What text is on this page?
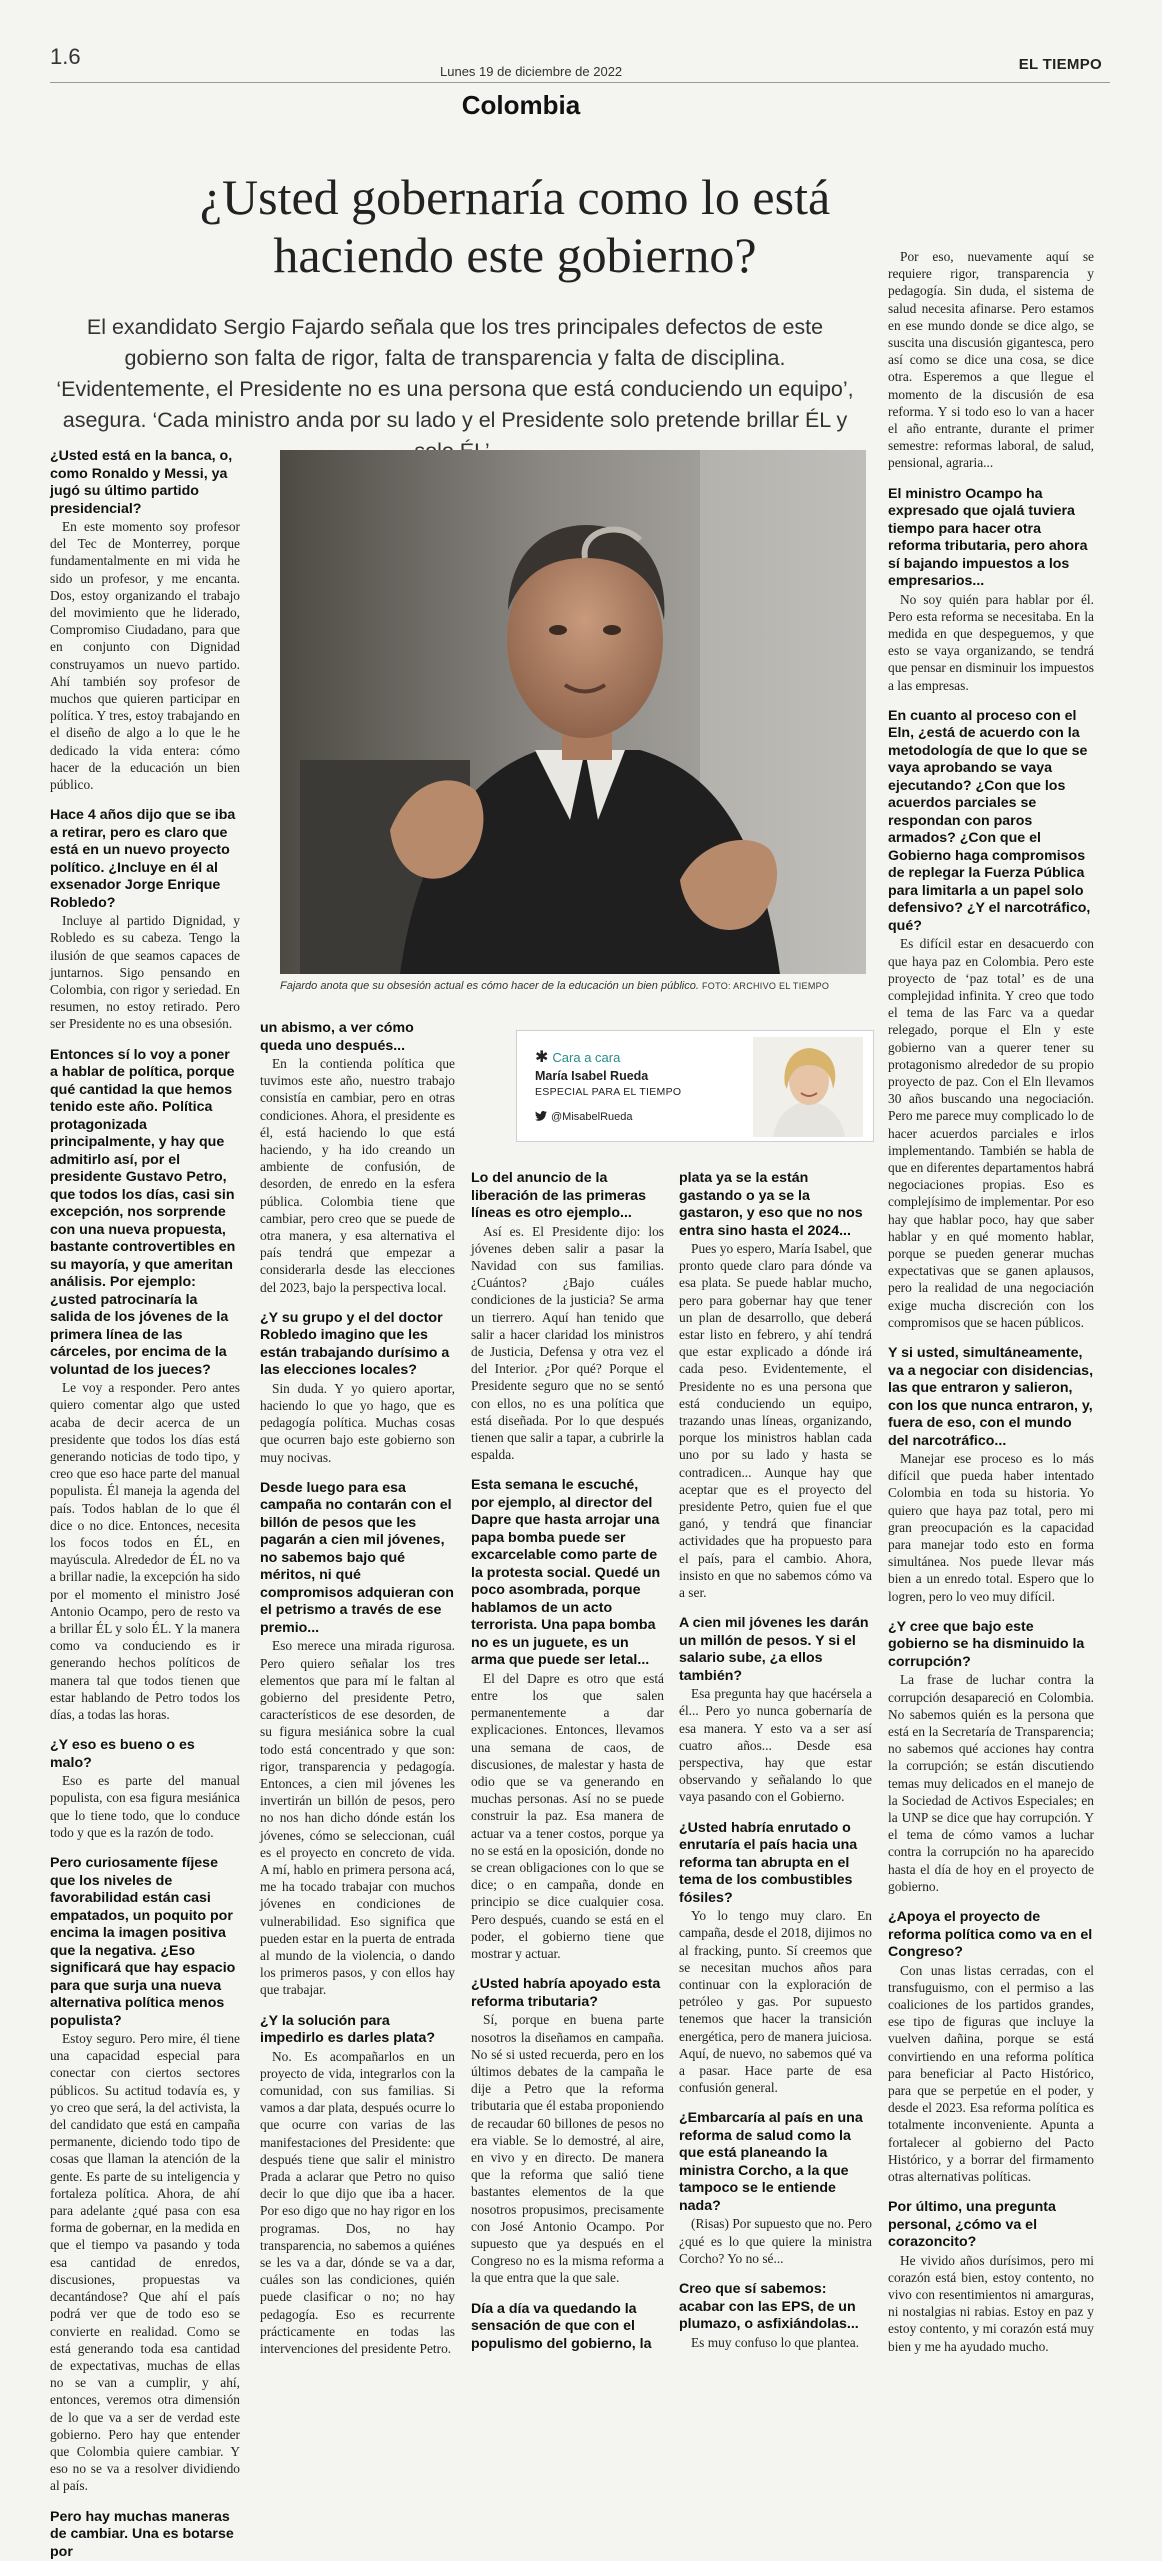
1.6
Lunes 19 de diciembre de 2022	EL TIEMPO
Colombia
¿Usted gobernaría como lo está haciendo este gobierno?
El exandidato Sergio Fajardo señala que los tres principales defectos de este gobierno son falta de rigor, falta de transparencia y falta de disciplina. ‘Evidentemente, el Presidente no es una persona que está conduciendo un equipo’, asegura. ‘Cada ministro anda por su lado y el Presidente solo pretende brillar ÉL y

¿Usted está en la banca, o, como Ronaldo y Messi, ya jugó su último partido presidencial?

En este momento soy profesor del Tec de Monterrey, porque fundamentalmente en mi vida he sido un profesor, y me encanta. Dos, estoy organizando el trabajo del movimiento que he liderado, Compromiso Ciudadano, para que en conjunto con Dignidad construyamos un nuevo partido. Ahí también soy profesor de muchos que quieren participar en política. Y tres, estoy trabajando en el diseño de algo a lo que le he dedicado la vida entera: cómo hacer de la educación un bien público.

Hace 4 años dijo que se iba a retirar, pero es claro que está en un nuevo proyecto político. ¿Incluye en él al exsenador Jorge Enrique Robledo?

Incluye al partido Dignidad, y Robledo es su cabeza. Tengo la ilusión de que seamos capaces de juntarnos. Sigo pensando en Colombia, con rigor y seriedad. En resumen, no estoy retirado. Pero ser Presidente no es una obsesión.

Entonces sí lo voy a poner a hablar de política, porque qué cantidad la que hemos tenido este año. Política protagonizada principalmente, y hay que admitirlo así, por el presidente Gustavo Petro, que todos los días, casi sin excepción, nos sorprende con una nueva propuesta, bastante controvertibles en su mayoría, y que ameritan análisis. Por ejemplo: ¿usted patrocinaría la salida de los jóvenes de la primera línea de las cárceles, por encima de la voluntad de los jueces?

Le voy a responder. Pero antes quiero comentar algo que usted acaba de decir acerca de un presidente que todos los días está generando noticias de todo tipo, y creo que eso hace parte del manual populista. Él maneja la agenda del país. Todos hablan de lo que él dice o no dice. Entonces, necesita los focos todos en ÉL, en mayúscula. Alrededor de ÉL no va a brillar nadie, la excepción ha sido por el momento el ministro José Antonio Ocampo, pero de resto va a brillar ÉL y solo ÉL. Y la manera como va conduciendo es ir generando hechos políticos de manera tal que todos tienen que estar hablando de Petro todos los días, a todas las horas.

¿Y eso es bueno o es malo?

Eso es parte del manual populista, con esa figura mesiánica que lo tiene todo, que lo conduce todo y que es la razón de todo.

Pero curiosamente fíjese que los niveles de favorabilidad están casi empatados, un poquito por encima la imagen positiva que la negativa. ¿Eso significará que hay espacio para que surja una nueva alternativa política menos populista?

Estoy seguro. Pero mire, él tiene una capacidad especial para conectar con ciertos sectores públicos. Su actitud todavía es, y yo creo que será, la del activista, la del candidato que está en campaña permanente, diciendo todo tipo de cosas que llaman la atención de la gente. Es parte de su inteligencia y fortaleza política. Ahora, de ahí para adelante ¿qué pasa con esa forma de gobernar, en la medida en que el tiempo va pasando y toda esa cantidad de enredos, discusiones, propuestas va decantándose? Que ahí el país podrá ver que de todo eso se convierte en realidad. Como se está generando toda esa cantidad de expectativas, muchas de ellas no se van a cumplir, y ahí, entonces, veremos otra dimensión de lo que va a ser de verdad este gobierno. Pero hay que entender que Colombia quiere cambiar. Y eso no se va a resolver dividiendo al país.

Pero hay muchas maneras de cambiar. Una es botarse por

un abismo, a ver cómo queda uno después...

En la contienda política que tuvimos este año, nuestro trabajo consistía en cambiar, pero en otras condiciones. Ahora, el presidente es él, está haciendo lo que está haciendo, y ha ido creando un ambiente de confusión, de desorden, de enredo en la esfera pública. Colombia tiene que cambiar, pero creo que se puede de otra manera, y esa alternativa el país tendrá que empezar a considerarla desde las elecciones del 2023, bajo la perspectiva local.

¿Y su grupo y el del doctor Robledo imagino que les están trabajando durísimo a las elecciones locales?

Sin duda. Y yo quiero aportar, haciendo lo que yo hago, que es pedagogía política. Muchas cosas que ocurren bajo este gobierno son muy nocivas.

Desde luego para esa campaña no contarán con el billón de pesos que les pagarán a cien mil jóvenes, no sabemos bajo qué méritos, ni qué compromisos adquieran con el petrismo a través de ese premio...

Eso merece una mirada rigurosa. Pero quiero señalar los tres elementos que para mí le faltan al gobierno del presidente Petro, característicos de ese desorden, de su figura mesiánica sobre la cual todo está concentrado y que son: rigor, transparencia y pedagogía. Entonces, a cien mil jóvenes les invertirán un billón de pesos, pero no nos han dicho dónde están los jóvenes, cómo se seleccionan, cuál es el proyecto en concreto de vida. A mí, hablo en primera persona acá, me ha tocado trabajar con muchos jóvenes en condiciones de vulnerabilidad. Eso significa que pueden estar en la puerta de entrada al mundo de la violencia, o dando los primeros pasos, y con ellos hay que trabajar.

¿Y la solución para impedirlo es darles plata?

No. Es acompañarlos en un proyecto de vida, integrarlos con la comunidad, con sus familias. Si vamos a dar plata, después ocurre lo que ocurre con varias de las manifestaciones del Presidente: que después tiene que salir el ministro Prada a aclarar que Petro no quiso decir lo que dijo que iba a hacer. Por eso digo que no hay rigor en los programas. Dos, no hay transparencia, no sabemos a quiénes se les va a dar, dónde se va a dar, cuáles son las condiciones, quién puede clasificar o no; no hay pedagogía. Eso es recurrente prácticamente en todas las intervenciones del presidente Petro.

Lo del anuncio de la liberación de las primeras líneas es otro ejemplo...

Así es. El Presidente dijo: los jóvenes deben salir a pasar la Navidad con sus familias. ¿Cuántos? ¿Bajo cuáles condiciones de la justicia? Se arma un tierrero. Aquí han tenido que salir a hacer claridad los ministros de Justicia, Defensa y otra vez el del Interior. ¿Por qué? Porque el Presidente seguro que no se sentó con ellos, no es una política que está diseñada. Por lo que después tienen que salir a tapar, a cubrirle la espalda.

Esta semana le escuché, por ejemplo, al director del Dapre que hasta arrojar una papa bomba puede ser excarcelable como parte de la protesta social. Quedé un poco asombrada, porque hablamos de un acto terrorista. Una papa bomba no es un juguete, es un arma que puede ser letal...

El del Dapre es otro que está entre los que salen permanentemente a dar explicaciones. Entonces, llevamos una semana de caos, de discusiones, de malestar y hasta de odio que se va generando en muchas personas. Así no se puede construir la paz. Esa manera de actuar va a tener costos, porque ya no se está en la oposición, donde no se crean obligaciones con lo que se dice; o en campaña, donde en principio se dice cualquier cosa. Pero después, cuando se está en el poder, el gobierno tiene que mostrar y actuar.

¿Usted habría apoyado esta reforma tributaria?

Sí, porque en buena parte nosotros la diseñamos en campaña. No sé si usted recuerda, pero en los últimos debates de la campaña le dije a Petro que la reforma tributaria que él estaba proponiendo de recaudar 60 billones de pesos no era viable. Se lo demostré, al aire, en vivo y en directo. De manera que la reforma que salió tiene bastantes elementos de la que nosotros propusimos, precisamente con José Antonio Ocampo. Por supuesto que ya después en el Congreso no es la misma reforma a la que entra que la que sale.

Día a día va quedando la sensación de que con el populismo del gobierno, la

plata ya se la están gastando o ya se la gastaron, y eso que no nos entra sino hasta el 2024...

Pues yo espero, María Isabel, que pronto quede claro para dónde va esa plata. Se puede hablar mucho, pero para gobernar hay que tener un plan de desarrollo, que deberá estar listo en febrero, y ahí tendrá que estar explicado a dónde irá cada peso. Evidentemente, el Presidente no es una persona que está conduciendo un equipo, trazando unas líneas, organizando, porque los ministros hablan cada uno por su lado y hasta se contradicen... Aunque hay que aceptar que es el proyecto del presidente Petro, quien fue el que ganó, y tendrá que financiar actividades que ha propuesto para el país, para el cambio. Ahora, insisto en que no sabemos cómo va a ser.

A cien mil jóvenes les darán un millón de pesos. Y si el salario sube, ¿a ellos también?

Esa pregunta hay que hacérsela a él... Pero yo nunca gobernaría de esa manera. Y esto va a ser así cuatro años... Desde esa perspectiva, hay que estar observando y señalando lo que vaya pasando con el Gobierno.

¿Usted habría enrutado o enrutaría el país hacia una reforma tan abrupta en el tema de los combustibles fósiles?

Yo lo tengo muy claro. En campaña, desde el 2018, dijimos no al fracking, punto. Sí creemos que se necesitan muchos años para continuar con la exploración de petróleo y gas. Por supuesto tenemos que hacer la transición energética, pero de manera juiciosa. Aquí, de nuevo, no sabemos qué va a pasar. Hace parte de esa confusión general.

¿Embarcaría al país en una reforma de salud como la que está planeando la ministra Corcho, a la que tampoco se le entiende nada?

(Risas) Por supuesto que no. Pero ¿qué es lo que quiere la ministra Corcho? Yo no sé...

Creo que sí sabemos: acabar con las EPS, de un plumazo, o asfixiándolas...

Es muy confuso lo que plantea.

Por eso, nuevamente aquí se requiere rigor, transparencia y pedagogía. Sin duda, el sistema de salud necesita afinarse. Pero estamos en ese mundo donde se dice algo, se suscita una discusión gigantesca, pero así como se dice una cosa, se dice otra. Esperemos a que llegue el momento de la discusión de esa reforma. Y si todo eso lo van a hacer el año entrante, durante el primer semestre: reformas laboral, de salud, pensional, agraria...

El ministro Ocampo ha expresado que ojalá tuviera tiempo para hacer otra reforma tributaria, pero ahora sí bajando impuestos a los empresarios...

No soy quién para hablar por él. Pero esta reforma se necesitaba. En la medida en que despeguemos, y que esto se vaya organizando, se tendrá que pensar en disminuir los impuestos a las empresas.

En cuanto al proceso con el Eln, ¿está de acuerdo con la metodología de que lo que se vaya aprobando se vaya ejecutando? ¿Con que los acuerdos parciales se respondan con paros armados? ¿Con que el Gobierno haga compromisos de replegar la Fuerza Pública para limitarla a un papel solo defensivo? ¿Y el narcotráfico, qué?

Es difícil estar en desacuerdo con que haya paz en Colombia. Pero este proyecto de ‘paz total’ es de una complejidad infinita. Y creo que todo el tema de las Farc va a quedar relegado, porque el Eln y este gobierno van a querer tener su protagonismo alrededor de su propio proyecto de paz. Con el Eln llevamos 30 años buscando una negociación. Pero me parece muy complicado lo de hacer acuerdos parciales e irlos implementando. También se habla de que en diferentes departamentos habrá negociaciones propias. Eso es complejísimo de implementar. Por eso hay que hablar poco, hay que saber hablar y en qué momento hablar, porque se pueden generar muchas expectativas que se ganen aplausos, pero la realidad de una negociación exige mucha discreción con los compromisos que se hacen públicos.

Y si usted, simultáneamente, va a negociar con disidencias, las que entraron y salieron, con los que nunca entraron, y, fuera de eso, con el mundo del narcotráfico...

Manejar ese proceso es lo más difícil que pueda haber intentado Colombia en toda su historia. Yo quiero que haya paz total, pero mi gran preocupación es la capacidad para manejar todo esto en forma simultánea. Nos puede llevar más bien a un enredo total. Espero que lo logren, pero lo veo muy difícil.

¿Y cree que bajo este gobierno se ha disminuido la corrupción?

La frase de luchar contra la corrupción desapareció en Colombia. No sabemos quién es la persona que está en la Secretaría de Transparencia; no sabemos qué acciones hay contra la corrupción; se están discutiendo temas muy delicados en el manejo de la Sociedad de Activos Especiales; en la UNP se dice que hay corrupción. Y el tema de cómo vamos a luchar contra la corrupción no ha aparecido hasta el día de hoy en el proyecto de gobierno.

¿Apoya el proyecto de reforma política como va en el Congreso?

Con unas listas cerradas, con el transfuguismo, con el permiso a las coaliciones de los partidos grandes, ese tipo de figuras que incluye la vuelven dañina, porque se está convirtiendo en una reforma política para beneficiar al Pacto Histórico, para que se perpetúe en el poder, y desde el 2023. Esa reforma política es totalmente inconveniente. Apunta a fortalecer al gobierno del Pacto Histórico, y a borrar del firmamento otras alternativas políticas.

Por último, una pregunta personal, ¿cómo va el corazoncito?

He vivido años durísimos, pero mi corazón está bien, estoy contento, no vivo con resentimientos ni amarguras, ni nostalgias ni rabias. Estoy en paz y estoy contento, y mi corazón está muy bien y me ha ayudado mucho.

Fajardo anota que su obsesión actual es cómo hacer de la educación un bien público. FOTO: ARCHIVO EL TIEMPO
✱ Cara a cara
María Isabel Rueda
ESPECIAL PARA EL TIEMPO
@MisabelRueda
